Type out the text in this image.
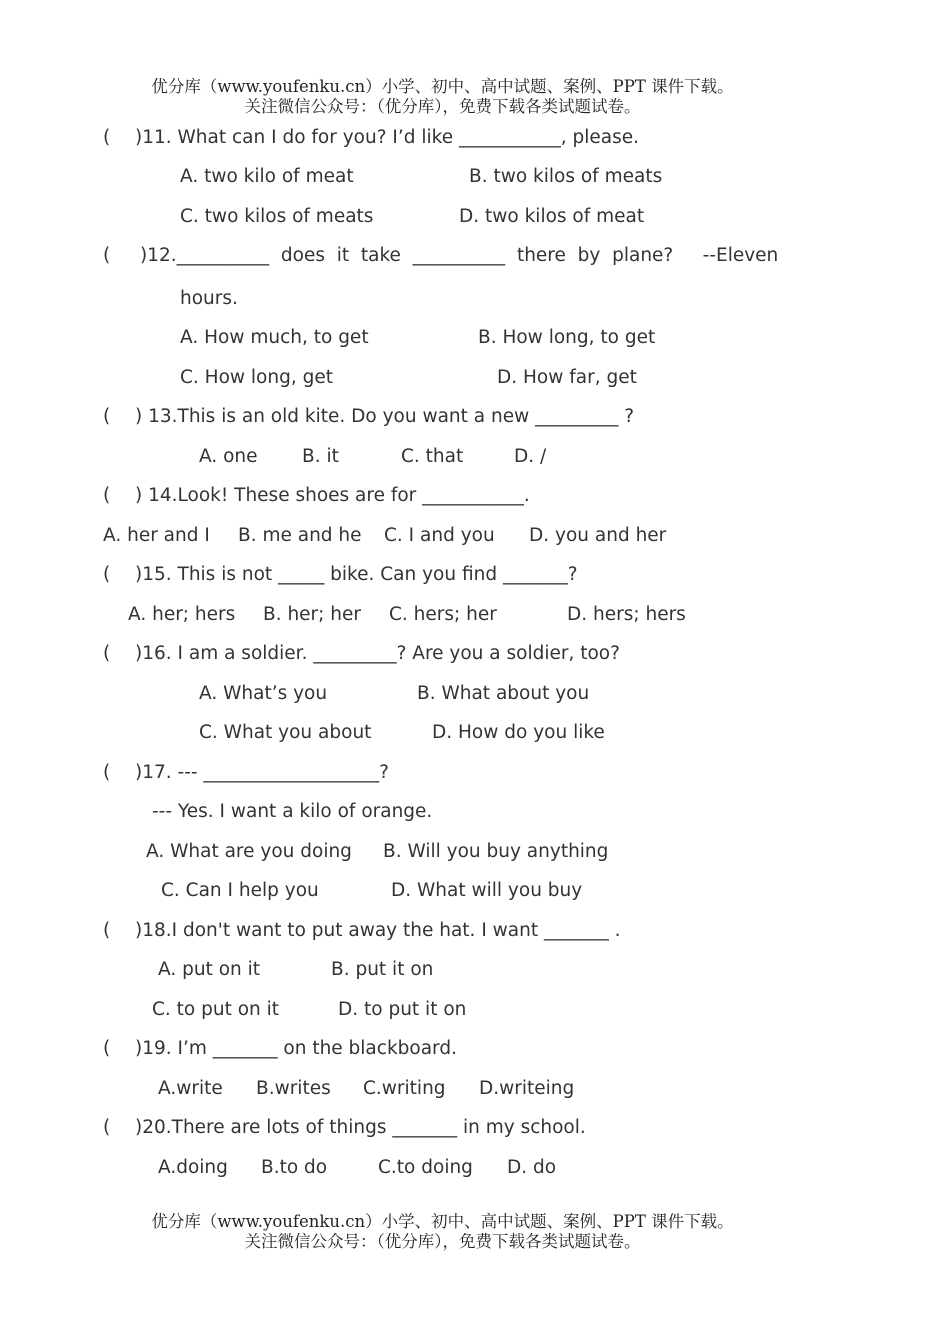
优分库（www.youfenku.cn）小学、初中、高中试题、案例、PPT 课件下载。
关注微信公众号：（优分库），免费下载各类试题试卷。
( )11. What can I do for you? I’d like ___________, please.
A. two kilo of meat	B. two kilos of meats
C. two kilos of meats	D. two kilos of meat
( )12.__________  does  it  take  __________  there  by  plane?     --Eleven
hours.
A. How much, to get	B. How long, to get
C. How long, get	D. How far, get
( ) 13.This is an old kite. Do you want a new _________ ?
A. one B. it	C. that	D. /
( ) 14.Look! These shoes are for ___________.
A. her and I B. me and he C. I and you D. you and her
( )15. This is not _____ bike. Can you find _______?
A. her; hers B. her; her C. hers; her	D. hers; hers
( )16. I am a soldier. _________? Are you a soldier, too?
A. What’s you	B. What about you
C. What you about	D. How do you like
( )17. --- ___________________?
--- Yes. I want a kilo of orange.
A. What are you doing B. Will you buy anything
C. Can I help you	D. What will you buy
( )18.I don't want to put away the hat. I want _______ .
A. put on it	B. put it on
C. to put on it	D. to put it on
( )19. I’m _______ on the blackboard.
A.write B.writes C.writing D.writeing
( )20.There are lots of things _______ in my school.
A.doing B.to do	C.to doing D. do
优分库（www.youfenku.cn）小学、初中、高中试题、案例、PPT 课件下载。
关注微信公众号：（优分库），免费下载各类试题试卷。
